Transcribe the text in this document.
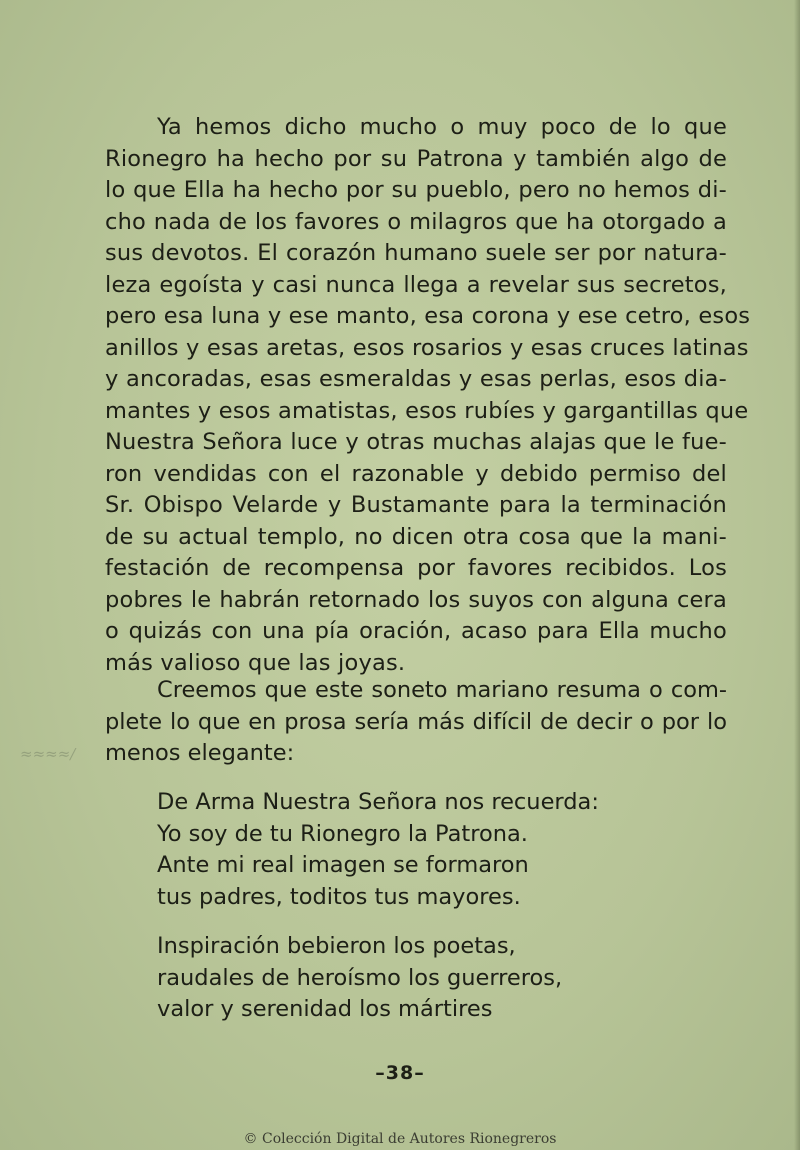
Ya hemos dicho mucho o muy poco de lo que
Rionegro ha hecho por su Patrona y también algo de
lo que Ella ha hecho por su pueblo, pero no hemos di-
cho nada de los favores o milagros que ha otorgado a
sus devotos. El corazón humano suele ser por natura-
leza egoísta y casi nunca llega a revelar sus secretos,
pero esa luna y ese manto, esa corona y ese cetro, esos
anillos y esas aretas, esos rosarios y esas cruces latinas
y ancoradas, esas esmeraldas y esas perlas, esos dia-
mantes y esos amatistas, esos rubíes y gargantillas que
Nuestra Señora luce y otras muchas alajas que le fue-
ron vendidas con el razonable y debido permiso del
Sr. Obispo Velarde y Bustamante para la terminación
de su actual templo, no dicen otra cosa que la mani-
festación de recompensa por favores recibidos. Los
pobres le habrán retornado los suyos con alguna cera
o quizás con una pía oración, acaso para Ella mucho
más valioso que las joyas.
Creemos que este soneto mariano resuma o com-
plete lo que en prosa sería más difícil de decir o por lo
menos elegante:
≈≈≈≈/
De Arma Nuestra Señora nos recuerda:
Yo soy de tu Rionegro la Patrona.
Ante mi real imagen se formaron
tus padres, toditos tus mayores.
Inspiración bebieron los poetas,
raudales de heroísmo los guerreros,
valor y serenidad los mártires
–38–
© Colección Digital de Autores Rionegreros
